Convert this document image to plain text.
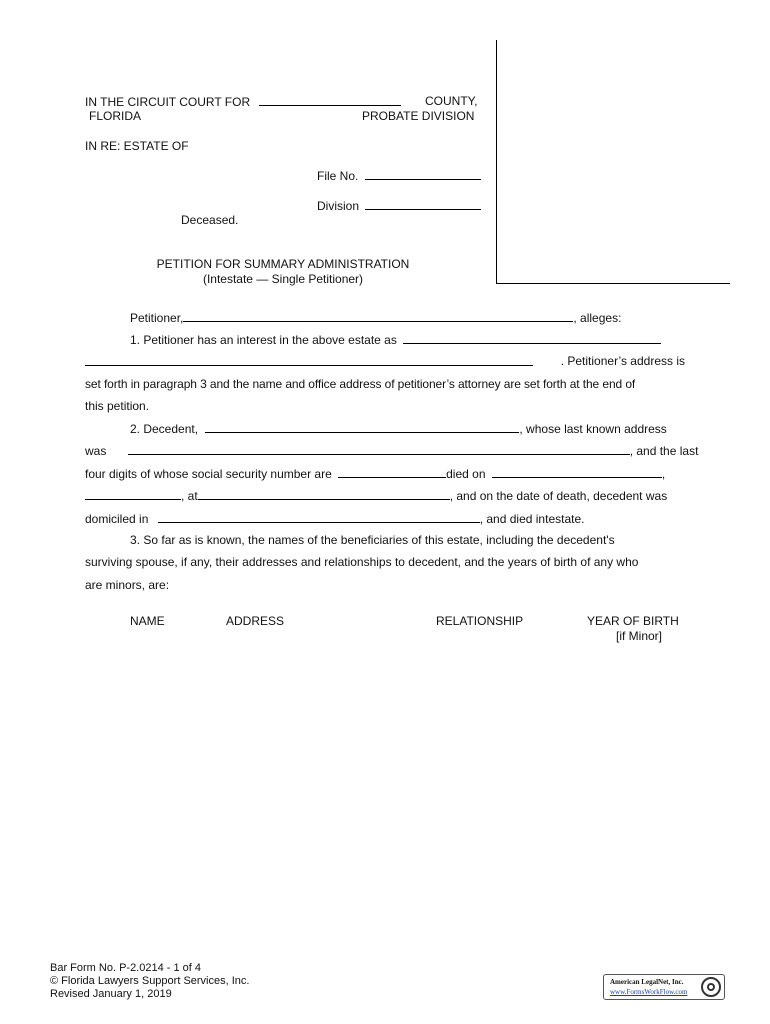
IN THE CIRCUIT COURT FOR	COUNTY,
FLORIDA	PROBATE DIVISION
IN RE: ESTATE OF
File No.
Division
Deceased.
PETITION FOR SUMMARY ADMINISTRATION
(Intestate — Single Petitioner)
Petitioner,	, alleges:
1. Petitioner has an interest in the above estate as
. Petitioner’s address is
set forth in paragraph 3 and the name and office address of petitioner’s attorney are set forth at the end of
this petition.
2. Decedent,	, whose last known address
was	, and the last
four digits of whose social security number are	died on	,
, at	, and on the date of death, decedent was
domiciled in	, and died intestate.
3. So far as is known, the names of the beneficiaries of this estate, including the decedent's
surviving spouse, if any, their addresses and relationships to decedent, and the years of birth of any who
are minors, are:
NAME	ADDRESS	RELATIONSHIP	YEAR OF BIRTH
[if Minor]
Bar Form No. P-2.0214 - 1 of 4
© Florida Lawyers Support Services, Inc.
Revised January 1, 2019
American LegalNet, Inc.
www.FormsWorkFlow.com
